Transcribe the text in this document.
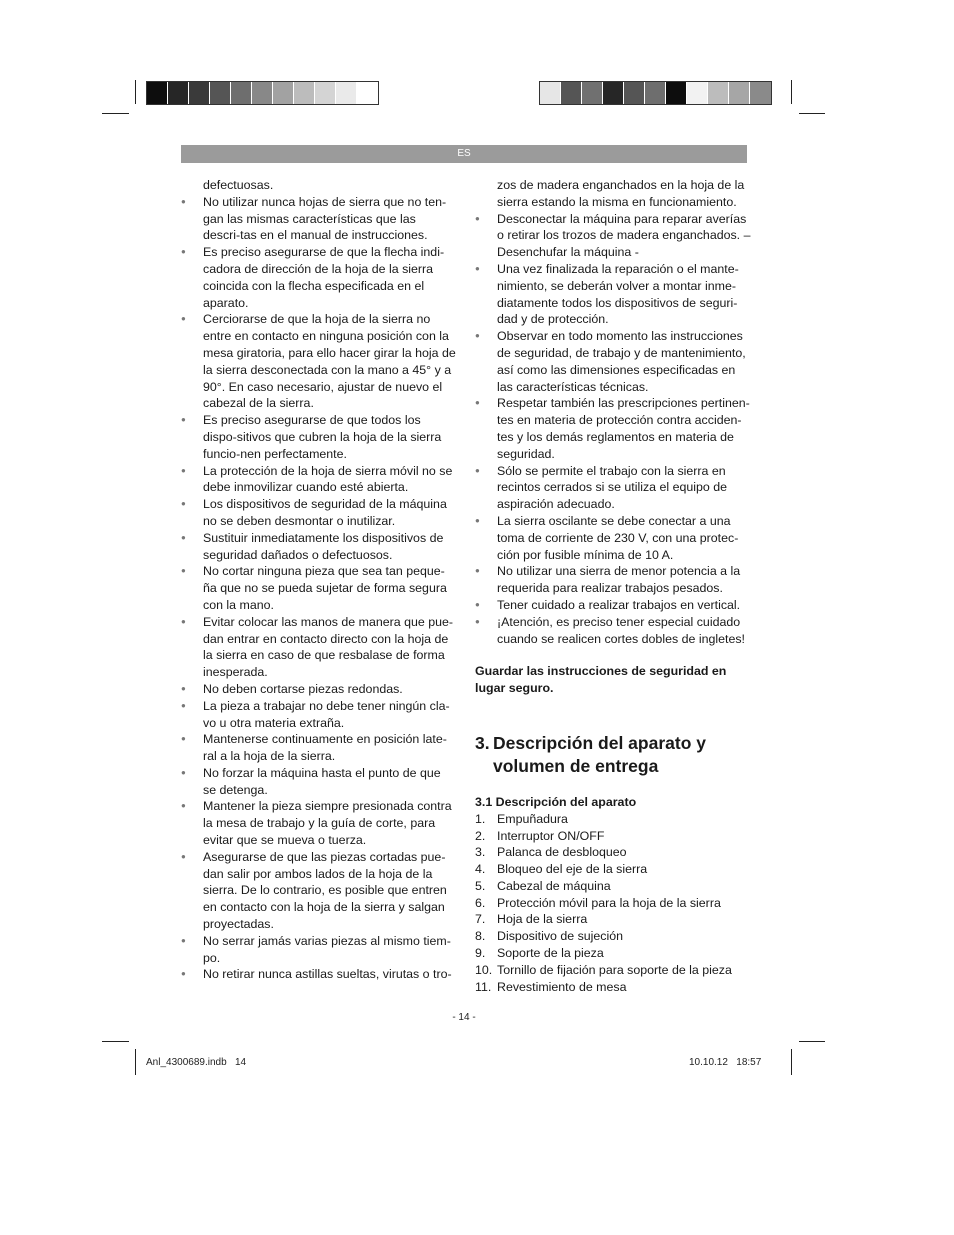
ES
defectuosas.
● No utilizar nunca hojas de sierra que no ten-gan las mismas características que las descri-tas en el manual de instrucciones.
● Es preciso asegurarse de que la flecha indi-cadora de dirección de la hoja de la sierra coincida con la flecha especificada en el aparato.
● Cerciorarse de que la hoja de la sierra no entre en contacto en ninguna posición con la mesa giratoria, para ello hacer girar la hoja de la sierra desconectada con la mano a 45° y a 90°. En caso necesario, ajustar de nuevo el cabezal de la sierra.
● Es preciso asegurarse de que todos los dispo-sitivos que cubren la hoja de la sierra funcio-nen perfectamente.
● La protección de la hoja de sierra móvil no se debe inmovilizar cuando esté abierta.
● Los dispositivos de seguridad de la máquina no se deben desmontar o inutilizar.
● Sustituir inmediatamente los dispositivos de seguridad dañados o defectuosos.
● No cortar ninguna pieza que sea tan peque-ña que no se pueda sujetar de forma segura con la mano.
● Evitar colocar las manos de manera que pue-dan entrar en contacto directo con la hoja de la sierra en caso de que resbalase de forma inesperada.
● No deben cortarse piezas redondas.
● La pieza a trabajar no debe tener ningún cla-vo u otra materia extraña.
● Mantenerse continuamente en posición late-ral a la hoja de la sierra.
● No forzar la máquina hasta el punto de que se detenga.
● Mantener la pieza siempre presionada contra la mesa de trabajo y la guía de corte, para evitar que se mueva o tuerza.
● Asegurarse de que las piezas cortadas pue-dan salir por ambos lados de la hoja de la sierra. De lo contrario, es posible que entren en contacto con la hoja de la sierra y salgan proyectadas.
● No serrar jamás varias piezas al mismo tiem-po.
● No retirar nunca astillas sueltas, virutas o tro-
zos de madera enganchados en la hoja de la sierra estando la misma en funcionamiento.
● Desconectar la máquina para reparar averías o retirar los trozos de madera enganchados. – Desenchufar la máquina -
● Una vez finalizada la reparación o el mante-nimiento, se deberán volver a montar inme-diatamente todos los dispositivos de seguri-dad y de protección.
● Observar en todo momento las instrucciones de seguridad, de trabajo y de mantenimiento, así como las dimensiones especificadas en las características técnicas.
● Respetar también las prescripciones pertinen-tes en materia de protección contra acciden-tes y los demás reglamentos en materia de seguridad.
● Sólo se permite el trabajo con la sierra en recintos cerrados si se utiliza el equipo de aspiración adecuado.
● La sierra oscilante se debe conectar a una toma de corriente de 230 V, con una protec-ción por fusible mínima de 10 A.
● No utilizar una sierra de menor potencia a la requerida para realizar trabajos pesados.
● Tener cuidado a realizar trabajos en vertical.
● ¡Atención, es preciso tener especial cuidado cuando se realicen cortes dobles de ingletes!
Guardar las instrucciones de seguridad en lugar seguro.
3. Descripción del aparato y
volumen de entrega
3.1 Descripción del aparato
1. Empuñadura
2. Interruptor ON/OFF
3. Palanca de desbloqueo
4. Bloqueo del eje de la sierra
5. Cabezal de máquina
6. Protección móvil para la hoja de la sierra
7. Hoja de la sierra
8. Dispositivo de sujeción
9. Soporte de la pieza
10. Tornillo de fijación para soporte de la pieza
11. Revestimiento de mesa
- 14 -
Anl_4300689.indb   14	10.10.12   18:57
